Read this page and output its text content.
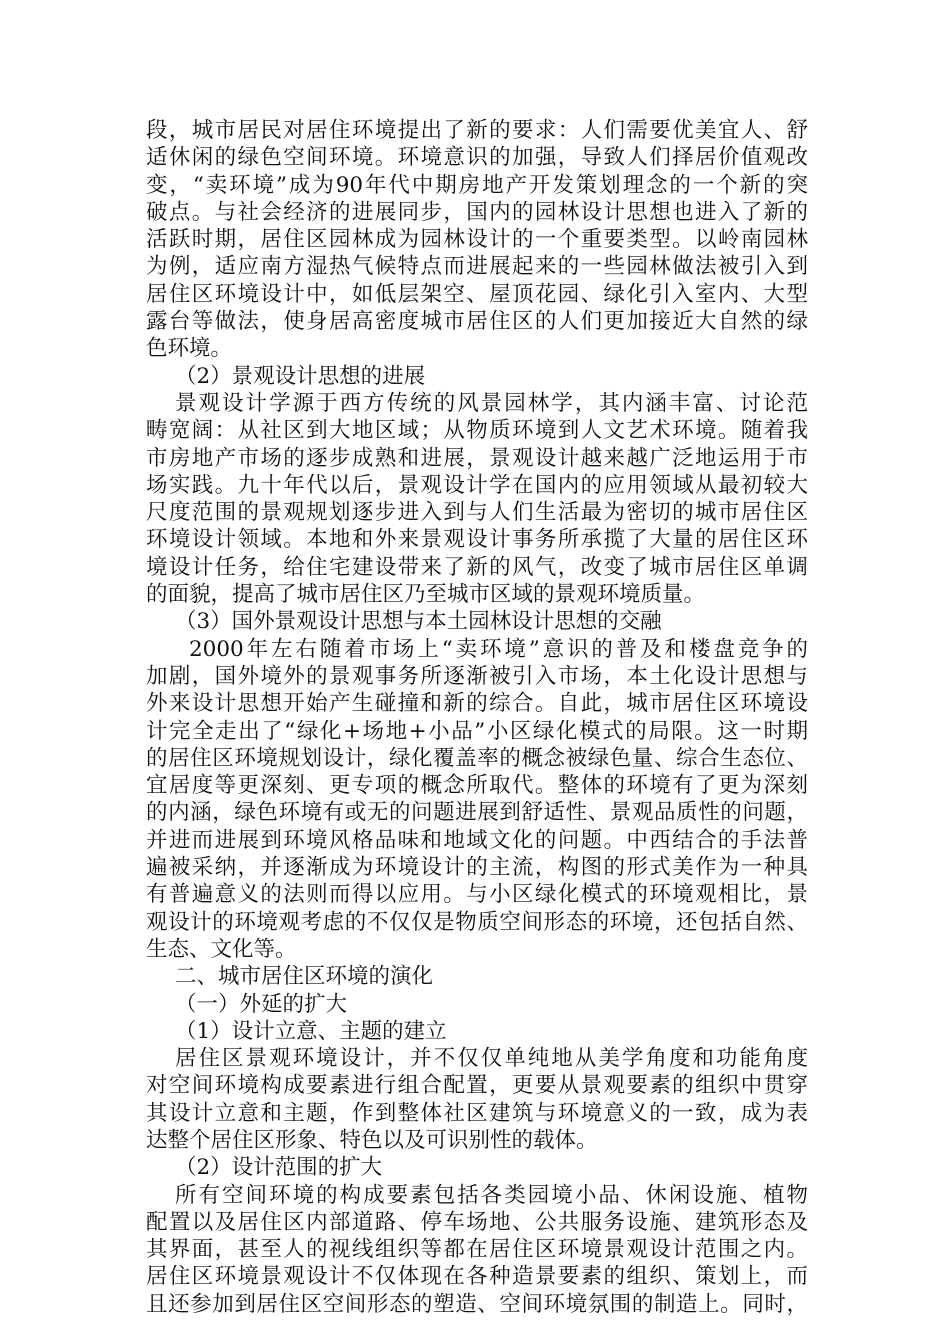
段，城市居民对居住环境提出了新的要求：人们需要优美宜人、舒
适休闲的绿色空间环境。环境意识的加强，导致人们择居价值观改
变，“卖环境”成为90年代中期房地产开发策划理念的一个新的突
破点。与社会经济的进展同步，国内的园林设计思想也进入了新的
活跃时期，居住区园林成为园林设计的一个重要类型。以岭南园林
为例，适应南方湿热气候特点而进展起来的一些园林做法被引入到
居住区环境设计中，如低层架空、屋顶花园、绿化引入室内、大型
露台等做法，使身居高密度城市居住区的人们更加接近大自然的绿
色环境。
（2）景观设计思想的进展
景观设计学源于西方传统的风景园林学，其内涵丰富、讨论范
畴宽阔：从社区到大地区域；从物质环境到人文艺术环境。随着我
市房地产市场的逐步成熟和进展，景观设计越来越广泛地运用于市
场实践。九十年代以后，景观设计学在国内的应用领域从最初较大
尺度范围的景观规划逐步进入到与人们生活最为密切的城市居住区
环境设计领域。本地和外来景观设计事务所承揽了大量的居住区环
境设计任务，给住宅建设带来了新的风气，改变了城市居住区单调
的面貌，提高了城市居住区乃至城市区域的景观环境质量。
（3）国外景观设计思想与本土园林设计思想的交融
2000年左右随着市场上“卖环境”意识的普及和楼盘竞争的
加剧，国外境外的景观事务所逐渐被引入市场，本土化设计思想与
外来设计思想开始产生碰撞和新的综合。自此，城市居住区环境设
计完全走出了“绿化+场地+小品”小区绿化模式的局限。这一时期
的居住区环境规划设计，绿化覆盖率的概念被绿色量、综合生态位、
宜居度等更深刻、更专项的概念所取代。整体的环境有了更为深刻
的内涵，绿色环境有或无的问题进展到舒适性、景观品质性的问题，
并进而进展到环境风格品味和地域文化的问题。中西结合的手法普
遍被采纳，并逐渐成为环境设计的主流，构图的形式美作为一种具
有普遍意义的法则而得以应用。与小区绿化模式的环境观相比，景
观设计的环境观考虑的不仅仅是物质空间形态的环境，还包括自然、
生态、文化等。
二、城市居住区环境的演化
（一）外延的扩大
（1）设计立意、主题的建立
居住区景观环境设计，并不仅仅单纯地从美学角度和功能角度
对空间环境构成要素进行组合配置，更要从景观要素的组织中贯穿
其设计立意和主题，作到整体社区建筑与环境意义的一致，成为表
达整个居住区形象、特色以及可识别性的载体。
（2）设计范围的扩大
所有空间环境的构成要素包括各类园境小品、休闲设施、植物
配置以及居住区内部道路、停车场地、公共服务设施、建筑形态及
其界面，甚至人的视线组织等都在居住区环境景观设计范围之内。
居住区环境景观设计不仅体现在各种造景要素的组织、策划上，而
且还参加到居住区空间形态的塑造、空间环境氛围的制造上。同时，
